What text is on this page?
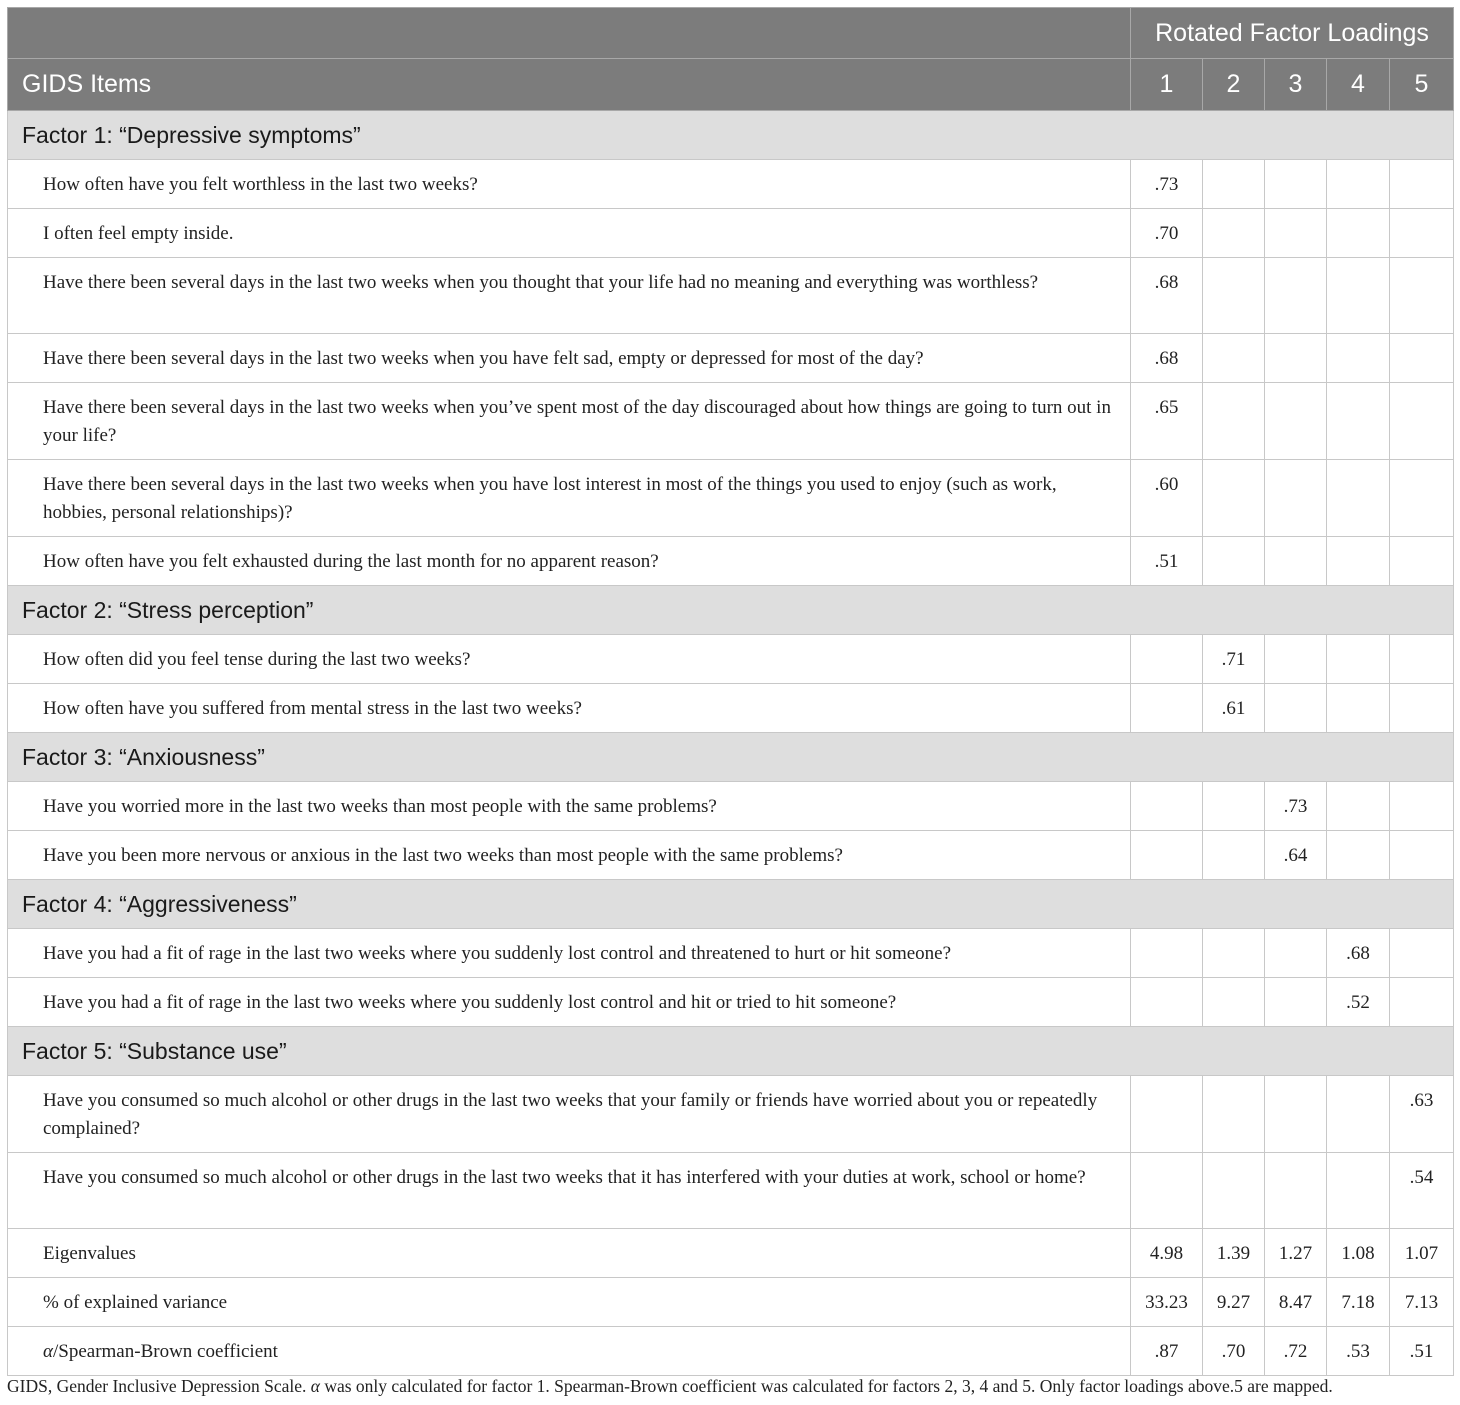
	Rotated Factor Loadings				
GIDS Items	1	2	3	4	5
Factor 1: “Depressive symptoms”					
How often have you felt worthless in the last two weeks?	.73				
I often feel empty inside.	.70				
Have there been several days in the last two weeks when you thought that your life had no meaning and everything was worthless?	.68				
Have there been several days in the last two weeks when you have felt sad, empty or depressed for most of the day?	.68				
Have there been several days in the last two weeks when you’ve spent most of the day discouraged about how things are going to turn out in your life?	.65				
Have there been several days in the last two weeks when you have lost interest in most of the things you used to enjoy (such as work, hobbies, personal relationships)?	.60				
How often have you felt exhausted during the last month for no apparent reason?	.51				
Factor 2: “Stress perception”					
How often did you feel tense during the last two weeks?		.71			
How often have you suffered from mental stress in the last two weeks?		.61			
Factor 3: “Anxiousness”					
Have you worried more in the last two weeks than most people with the same problems?			.73		
Have you been more nervous or anxious in the last two weeks than most people with the same problems?			.64		
Factor 4: “Aggressiveness”					
Have you had a fit of rage in the last two weeks where you suddenly lost control and threatened to hurt or hit someone?				.68	
Have you had a fit of rage in the last two weeks where you suddenly lost control and hit or tried to hit someone?				.52	
Factor 5: “Substance use”					
Have you consumed so much alcohol or other drugs in the last two weeks that your family or friends have worried about you or repeatedly complained?					.63
Have you consumed so much alcohol or other drugs in the last two weeks that it has interfered with your duties at work, school or home?					.54
Eigenvalues	4.98	1.39	1.27	1.08	1.07
% of explained variance	33.23	9.27	8.47	7.18	7.13
α/Spearman-Brown coefficient	.87	.70	.72	.53	.51
GIDS, Gender Inclusive Depression Scale. α was only calculated for factor 1. Spearman-Brown coefficient was calculated for factors 2, 3, 4 and 5. Only factor loadings above.5 are mapped.
